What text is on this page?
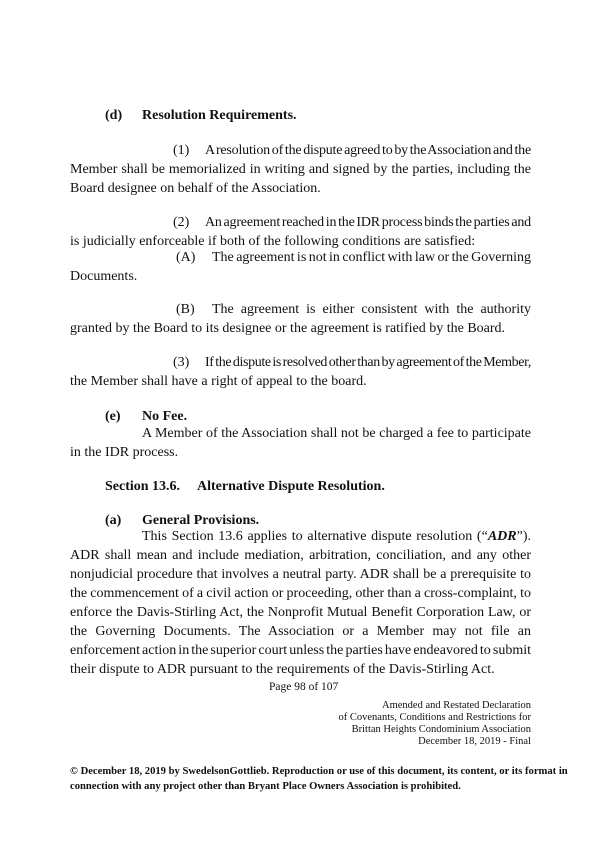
(d) Resolution Requirements.
(1) A resolution of the dispute agreed to by the Association and the
Member shall be memorialized in writing and signed by the parties, including the
Board designee on behalf of the Association.
(2) An agreement reached in the IDR process binds the parties and
is judicially enforceable if both of the following conditions are satisfied:
(A) The agreement is not in conflict with law or the Governing
Documents.
(B) The agreement is either consistent with the authority
granted by the Board to its designee or the agreement is ratified by the Board.
(3) If the dispute is resolved other than by agreement of the Member,
the Member shall have a right of appeal to the board.
(e) No Fee.
A Member of the Association shall not be charged a fee to participate
in the IDR process.
Section 13.6. Alternative Dispute Resolution.
(a) General Provisions.
This Section 13.6 applies to alternative dispute resolution (“ADR”).
ADR shall mean and include mediation, arbitration, conciliation, and any other
nonjudicial procedure that involves a neutral party. ADR shall be a prerequisite to
the commencement of a civil action or proceeding, other than a cross-complaint, to
enforce the Davis-Stirling Act, the Nonprofit Mutual Benefit Corporation Law, or
the Governing Documents. The Association or a Member may not file an
enforcement action in the superior court unless the parties have endeavored to submit
their dispute to ADR pursuant to the requirements of the Davis-Stirling Act.
Page 98 of 107
Amended and Restated Declaration
of Covenants, Conditions and Restrictions for
Brittan Heights Condominium Association
December 18, 2019 - Final
© December 18, 2019 by SwedelsonGottlieb. Reproduction or use of this document, its content, or its format in
connection with any project other than Bryant Place Owners Association is prohibited.
